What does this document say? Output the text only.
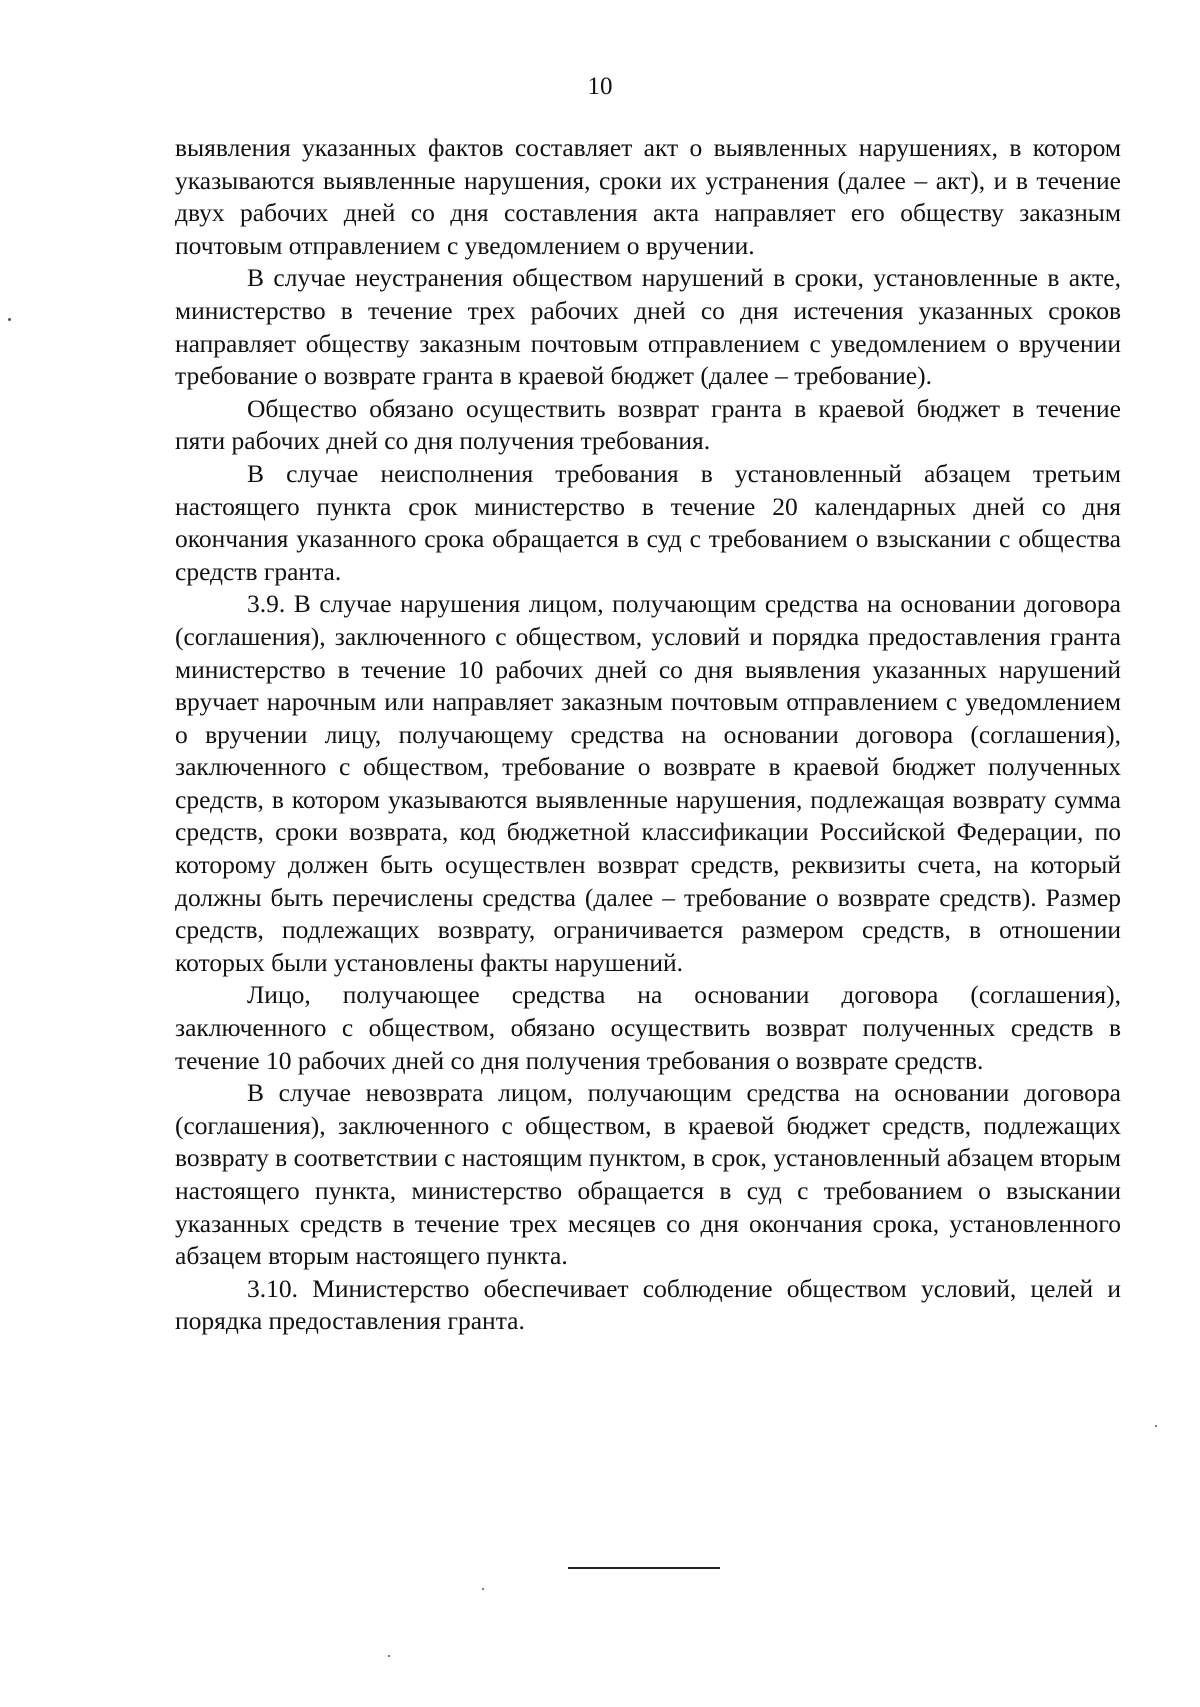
10

выявления указанных фактов составляет акт о выявленных нарушениях, в котором указываются выявленные нарушения, сроки их устранения (далее – акт), и в течение двух рабочих дней со дня составления акта направляет его обществу заказным почтовым отправлением с уведомлением о вручении.

В случае неустранения обществом нарушений в сроки, установленные в акте, министерство в течение трех рабочих дней со дня истечения указанных сроков направляет обществу заказным почтовым отправлением с уведомлением о вручении требование о возврате гранта в краевой бюджет (далее – требование).

Общество обязано осуществить возврат гранта в краевой бюджет в течение пяти рабочих дней со дня получения требования.

В случае неисполнения требования в установленный абзацем третьим настоящего пункта срок министерство в течение 20 календарных дней со дня окончания указанного срока обращается в суд с требованием о взыскании с общества средств гранта.

3.9. В случае нарушения лицом, получающим средства на основании договора (соглашения), заключенного с обществом, условий и порядка предоставления гранта министерство в течение 10 рабочих дней со дня выявления указанных нарушений вручает нарочным или направляет заказным почтовым отправлением с уведомлением о вручении лицу, получающему средства на основании договора (соглашения), заключенного с обществом, требование о возврате в краевой бюджет полученных средств, в котором указываются выявленные нарушения, подлежащая возврату сумма средств, сроки возврата, код бюджетной классификации Российской Федерации, по которому должен быть осуществлен возврат средств, реквизиты счета, на который должны быть перечислены средства (далее – требование о возврате средств). Размер средств, подлежащих возврату, ограничивается размером средств, в отношении которых были установлены факты нарушений.

Лицо, получающее средства на основании договора (соглашения), заключенного с обществом, обязано осуществить возврат полученных средств в течение 10 рабочих дней со дня получения требования о возврате средств.

В случае невозврата лицом, получающим средства на основании договора (соглашения), заключенного с обществом, в краевой бюджет средств, подлежащих возврату в соответствии с настоящим пунктом, в срок, установленный абзацем вторым настоящего пункта, министерство обращается в суд с требованием о взыскании указанных средств в течение трех месяцев со дня окончания срока, установленного абзацем вторым настоящего пункта.

3.10. Министерство обеспечивает соблюдение обществом условий, целей и порядка предоставления гранта.
